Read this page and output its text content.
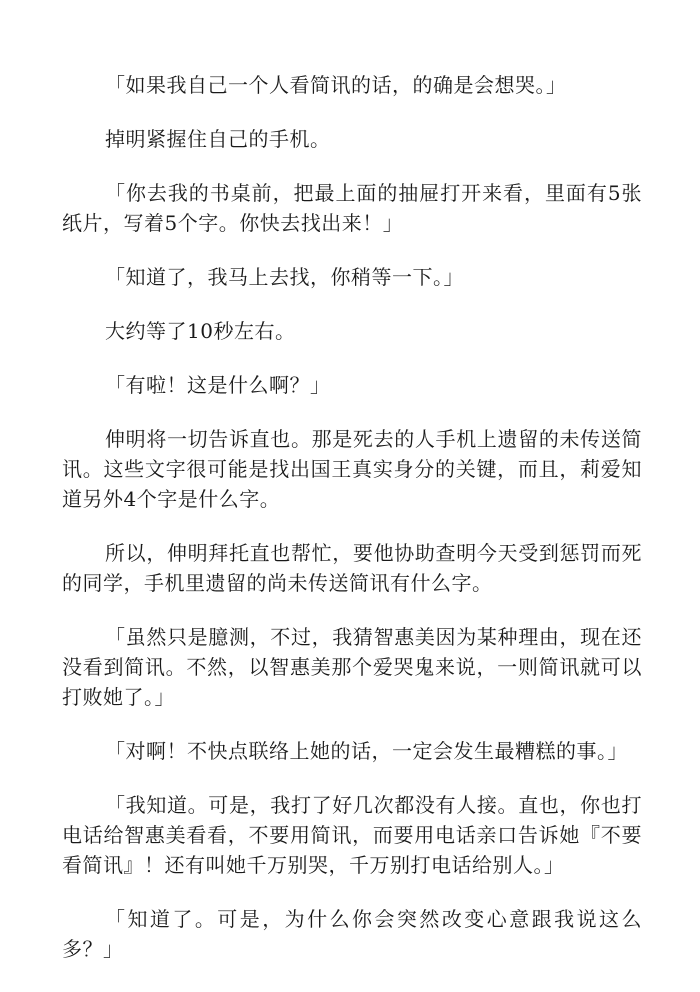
「如果我自己一个人看简讯的话，的确是会想哭。」

掉明紧握住自己的手机。

「你去我的书桌前，把最上面的抽屉打开来看，里面有5张纸片，写着5个字。你快去找出来！」

「知道了，我马上去找，你稍等一下。」

大约等了10秒左右。

「有啦！这是什么啊？」

伸明将一切告诉直也。那是死去的人手机上遗留的未传送简讯。这些文字很可能是找出国王真实身分的关键，而且，莉爱知道另外4个字是什么字。

所以，伸明拜托直也帮忙，要他协助查明今天受到惩罚而死的同学，手机里遗留的尚未传送简讯有什么字。

「虽然只是臆测，不过，我猜智惠美因为某种理由，现在还没看到简讯。不然，以智惠美那个爱哭鬼来说，一则简讯就可以打败她了。」

「对啊！不快点联络上她的话，一定会发生最糟糕的事。」

「我知道。可是，我打了好几次都没有人接。直也，你也打电话给智惠美看看，不要用简讯，而要用电话亲口告诉她『不要看简讯』！还有叫她千万别哭，千万别打电话给别人。」

「知道了。可是，为什么你会突然改变心意跟我说这么多？」
